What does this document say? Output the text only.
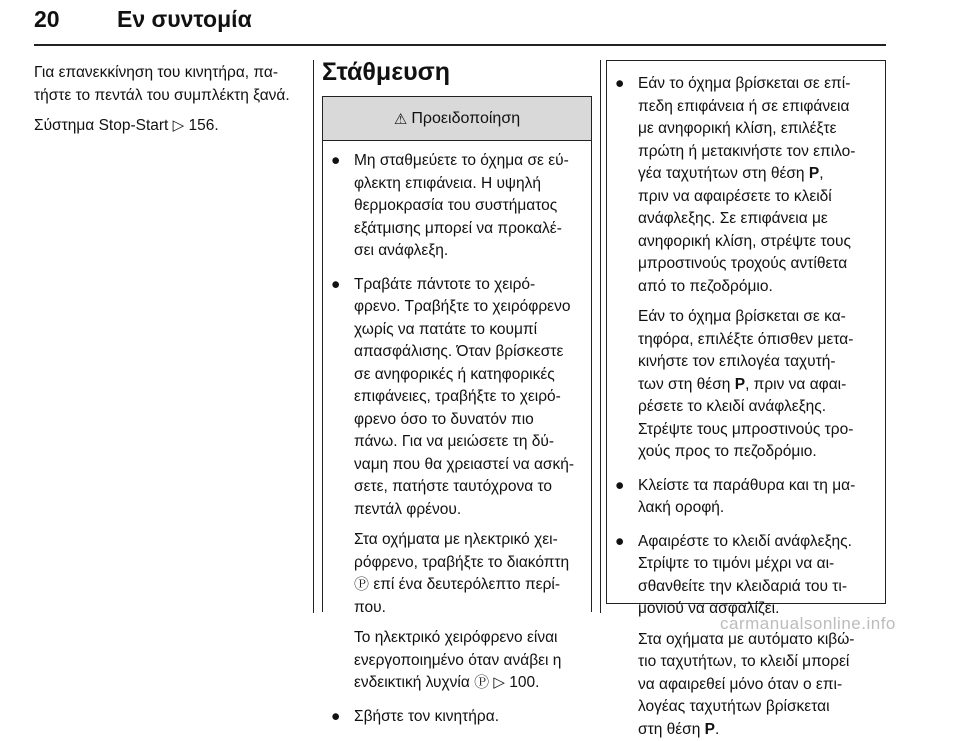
20 Εν συντομία

Για επανεκκίνηση του κινητήρα, πα-

τήστε το πεντάλ του συμπλέκτη ξανά.

Σύστημα Stop-Start ▷ 156.

Στάθμευση
⚠ Προειδοποίηση
● Μη σταθμεύετε το όχημα σε εύ-

φλεκτη επιφάνεια. Η υψηλή

θερμοκρασία του συστήματος

εξάτμισης μπορεί να προκαλέ-

σει ανάφλεξη.

● Τραβάτε πάντοτε το χειρό-

φρενο. Τραβήξτε το χειρόφρενο

χωρίς να πατάτε το κουμπί

απασφάλισης. Όταν βρίσκεστε

σε ανηφορικές ή κατηφορικές

επιφάνειες, τραβήξτε το χειρό-

φρενο όσο το δυνατόν πιο

πάνω. Για να μειώσετε τη δύ-

ναμη που θα χρειαστεί να ασκή-

σετε, πατήστε ταυτόχρονα το

πεντάλ φρένου.

Στα οχήματα με ηλεκτρικό χει-

ρόφρενο, τραβήξτε το διακόπτη

Ⓟ επί ένα δευτερόλεπτο περί-

που.

Το ηλεκτρικό χειρόφρενο είναι

ενεργοποιημένο όταν ανάβει η

ενδεικτική λυχνία Ⓟ ▷ 100.

● Σβήστε τον κινητήρα.

● Εάν το όχημα βρίσκεται σε επί-

πεδη επιφάνεια ή σε επιφάνεια

με ανηφορική κλίση, επιλέξτε

πρώτη ή μετακινήστε τον επιλο-

γέα ταχυτήτων στη θέση P,

πριν να αφαιρέσετε το κλειδί

ανάφλεξης. Σε επιφάνεια με

ανηφορική κλίση, στρέψτε τους

μπροστινούς τροχούς αντίθετα

από το πεζοδρόμιο.

Εάν το όχημα βρίσκεται σε κα-

τηφόρα, επιλέξτε όπισθεν μετα-

κινήστε τον επιλογέα ταχυτή-

των στη θέση P, πριν να αφαι-

ρέσετε το κλειδί ανάφλεξης.

Στρέψτε τους μπροστινούς τρο-

χούς προς το πεζοδρόμιο.

● Κλείστε τα παράθυρα και τη μα-

λακή οροφή.

● Αφαιρέστε το κλειδί ανάφλεξης.

Στρίψτε το τιμόνι μέχρι να αι-

σθανθείτε την κλειδαριά του τι-

μονιού να ασφαλίζει.

Στα οχήματα με αυτόματο κιβώ-

τιο ταχυτήτων, το κλειδί μπορεί

να αφαιρεθεί μόνο όταν ο επι-

λογέας ταχυτήτων βρίσκεται

στη θέση P.

carmanualsonline.info
